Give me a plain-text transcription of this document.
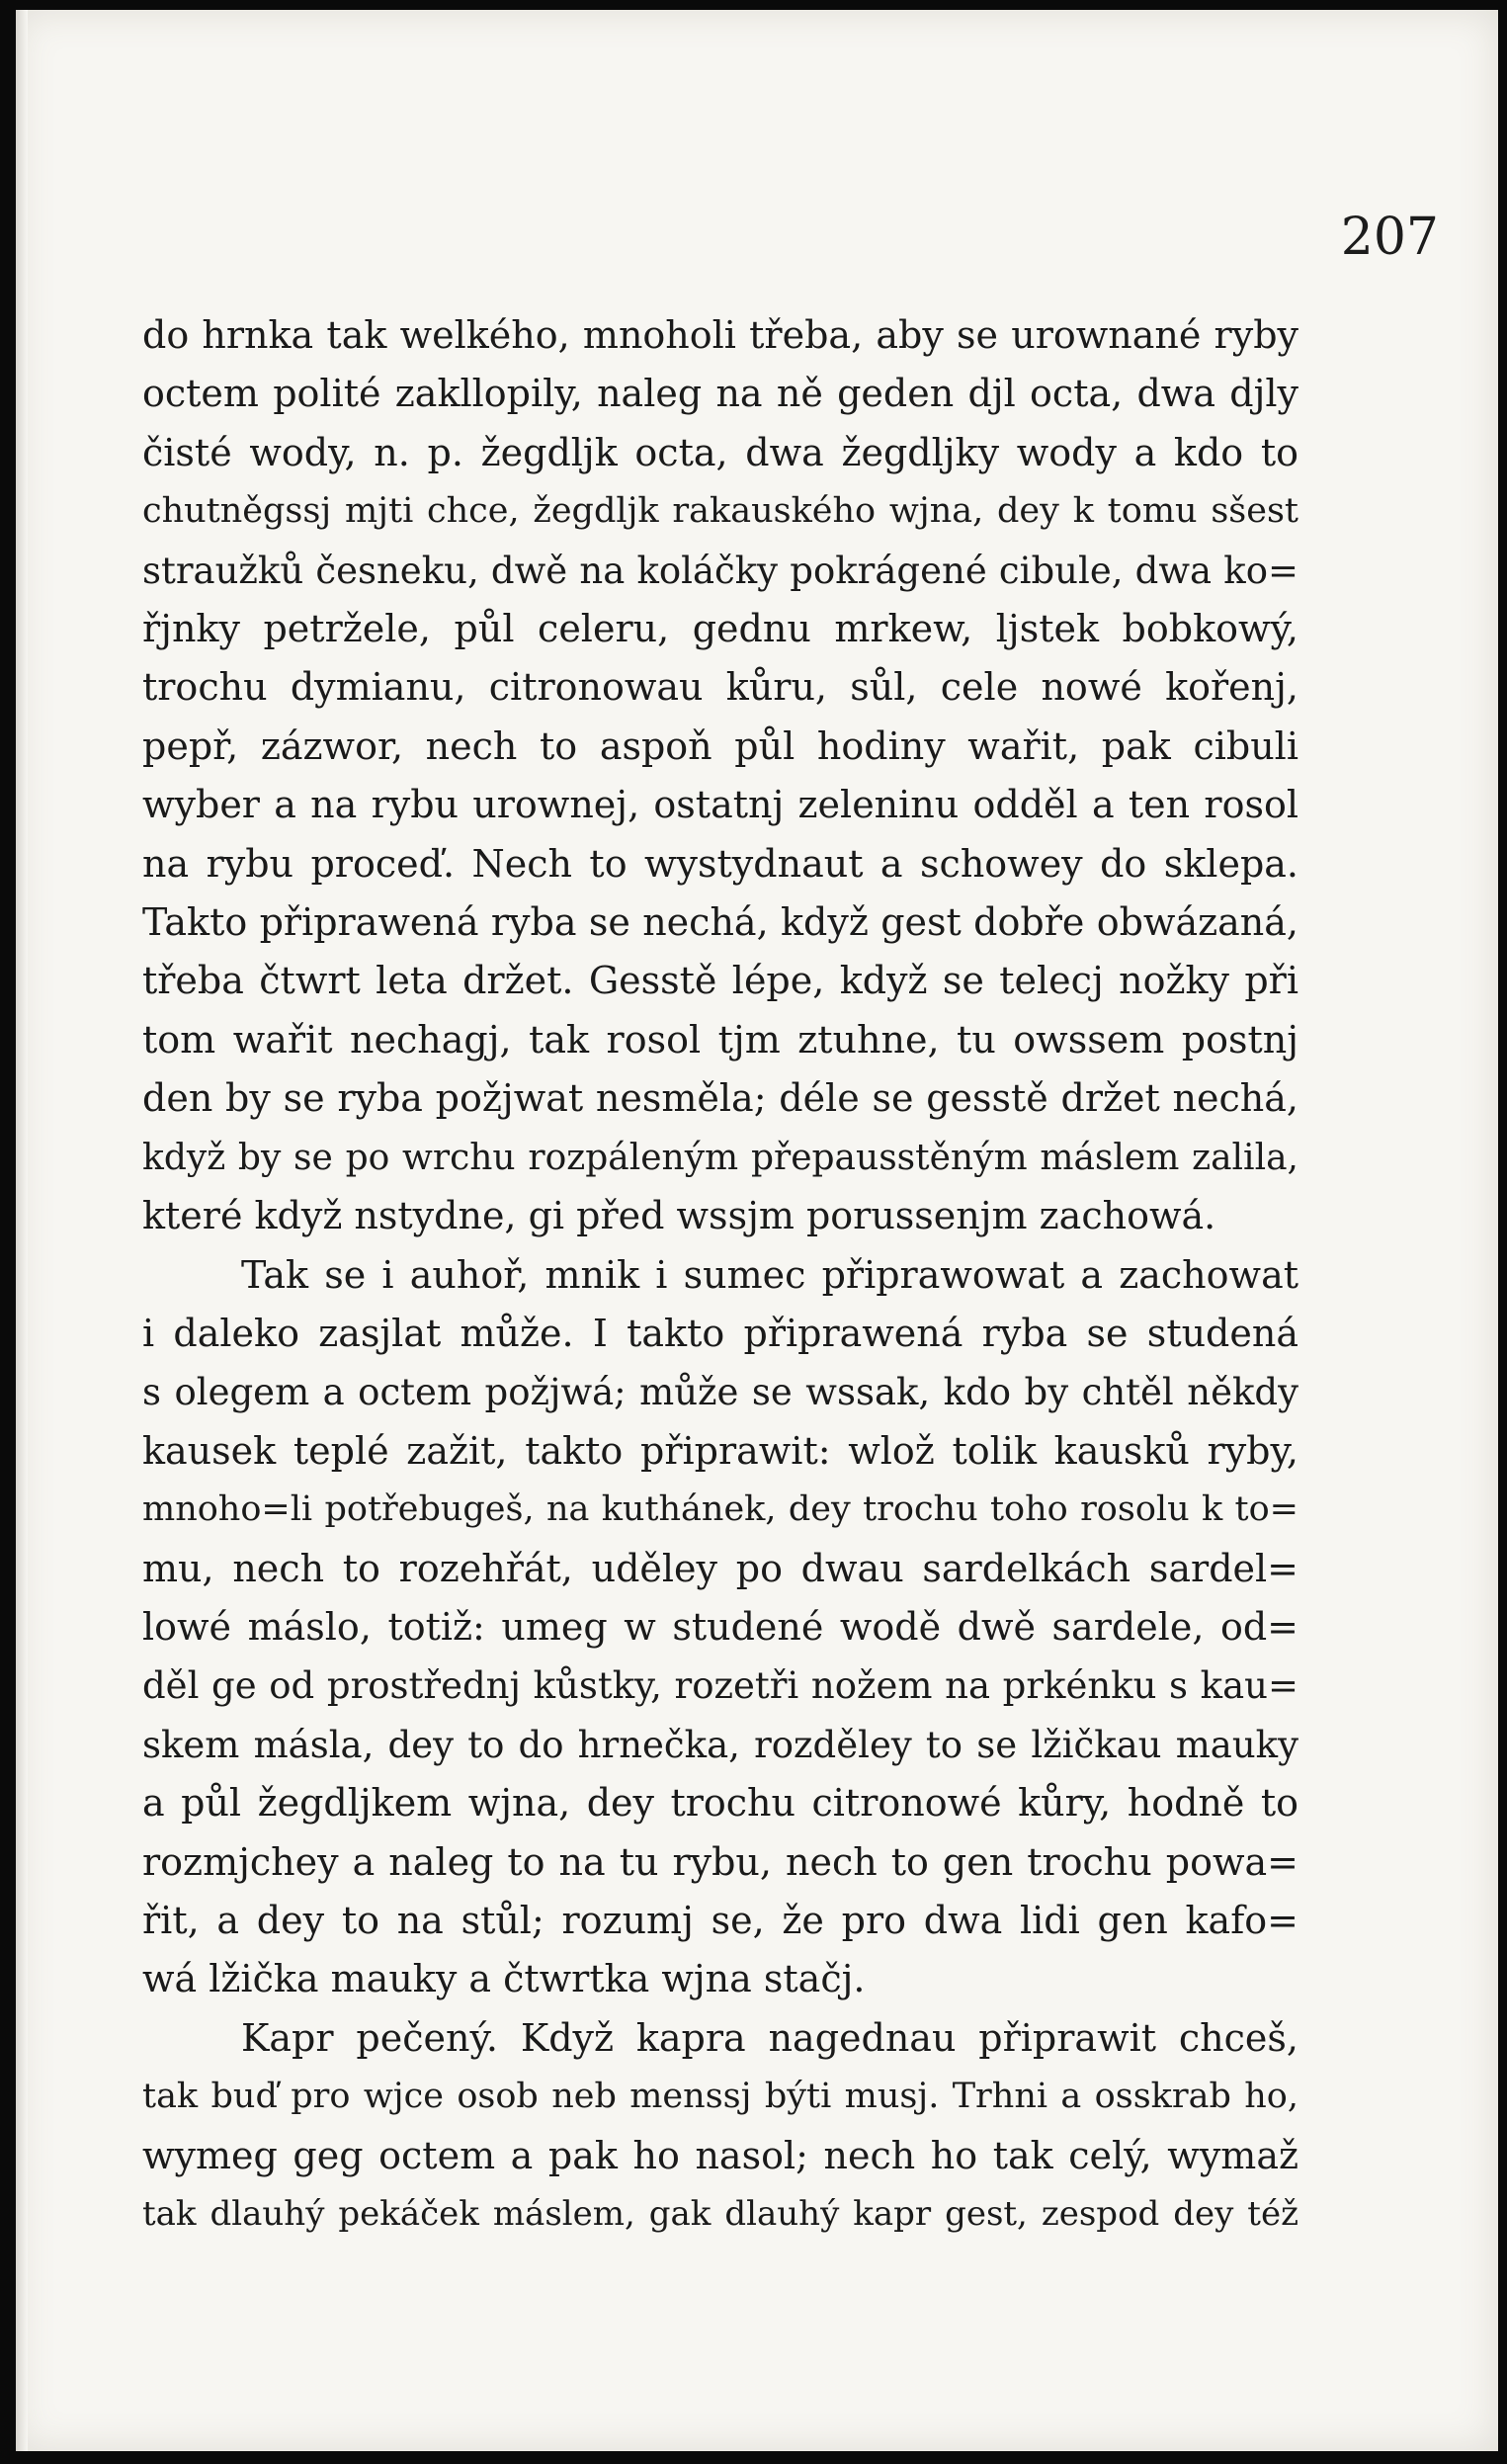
207
do hrnka tak welkého, mnoholi třeba, aby se urownané ryby
octem polité zakllopily, naleg na ně geden djl octa, dwa djly
čisté wody, n. p. žegdljk octa, dwa žegdljky wody a kdo to
chutněgssj mjti chce, žegdljk rakauského wjna, dey k tomu sšest
straužků česneku, dwě na koláčky pokrágené cibule, dwa ko=
řjnky petržele, půl celeru, gednu mrkew, ljstek bobkowý,
trochu dymianu, citronowau kůru, sůl, cele nowé kořenj,
pepř, zázwor, nech to aspoň půl hodiny wařit, pak cibuli
wyber a na rybu urownej, ostatnj zeleninu odděl a ten rosol
na rybu proceď. Nech to wystydnaut a schowey do sklepa.
Takto připrawená ryba se nechá, když gest dobře obwázaná,
třeba čtwrt leta držet. Gesstě lépe, když se telecj nožky při
tom wařit nechagj, tak rosol tjm ztuhne, tu owssem postnj
den by se ryba požjwat nesměla; déle se gesstě držet nechá,
když by se po wrchu rozpáleným přepausstěným máslem zalila,
které když nstydne, gi před wssjm porussenjm zachowá.
Tak se i auhoř, mnik i sumec připrawowat a zachowat
i daleko zasjlat může. I takto připrawená ryba se studená
s olegem a octem požjwá; může se wssak, kdo by chtěl někdy
kausek teplé zažit, takto připrawit: wlož tolik kausků ryby,
mnoho=li potřebugeš, na kuthánek, dey trochu toho rosolu k to=
mu, nech to rozehřát, uděley po dwau sardelkách sardel=
lowé máslo, totiž: umeg w studené wodě dwě sardele, od=
děl ge od prostřednj kůstky, rozetři nožem na prkénku s kau=
skem másla, dey to do hrnečka, rozděley to se lžičkau mauky
a půl žegdljkem wjna, dey trochu citronowé kůry, hodně to
rozmjchey a naleg to na tu rybu, nech to gen trochu powa=
řit, a dey to na stůl; rozumj se, že pro dwa lidi gen kafo=
wá lžička mauky a čtwrtka wjna stačj.
Kapr pečený. Když kapra nagednau připrawit chceš,
tak buď pro wjce osob neb menssj býti musj. Trhni a osskrab ho,
wymeg geg octem a pak ho nasol; nech ho tak celý, wymaž
tak dlauhý pekáček máslem, gak dlauhý kapr gest, zespod dey též
